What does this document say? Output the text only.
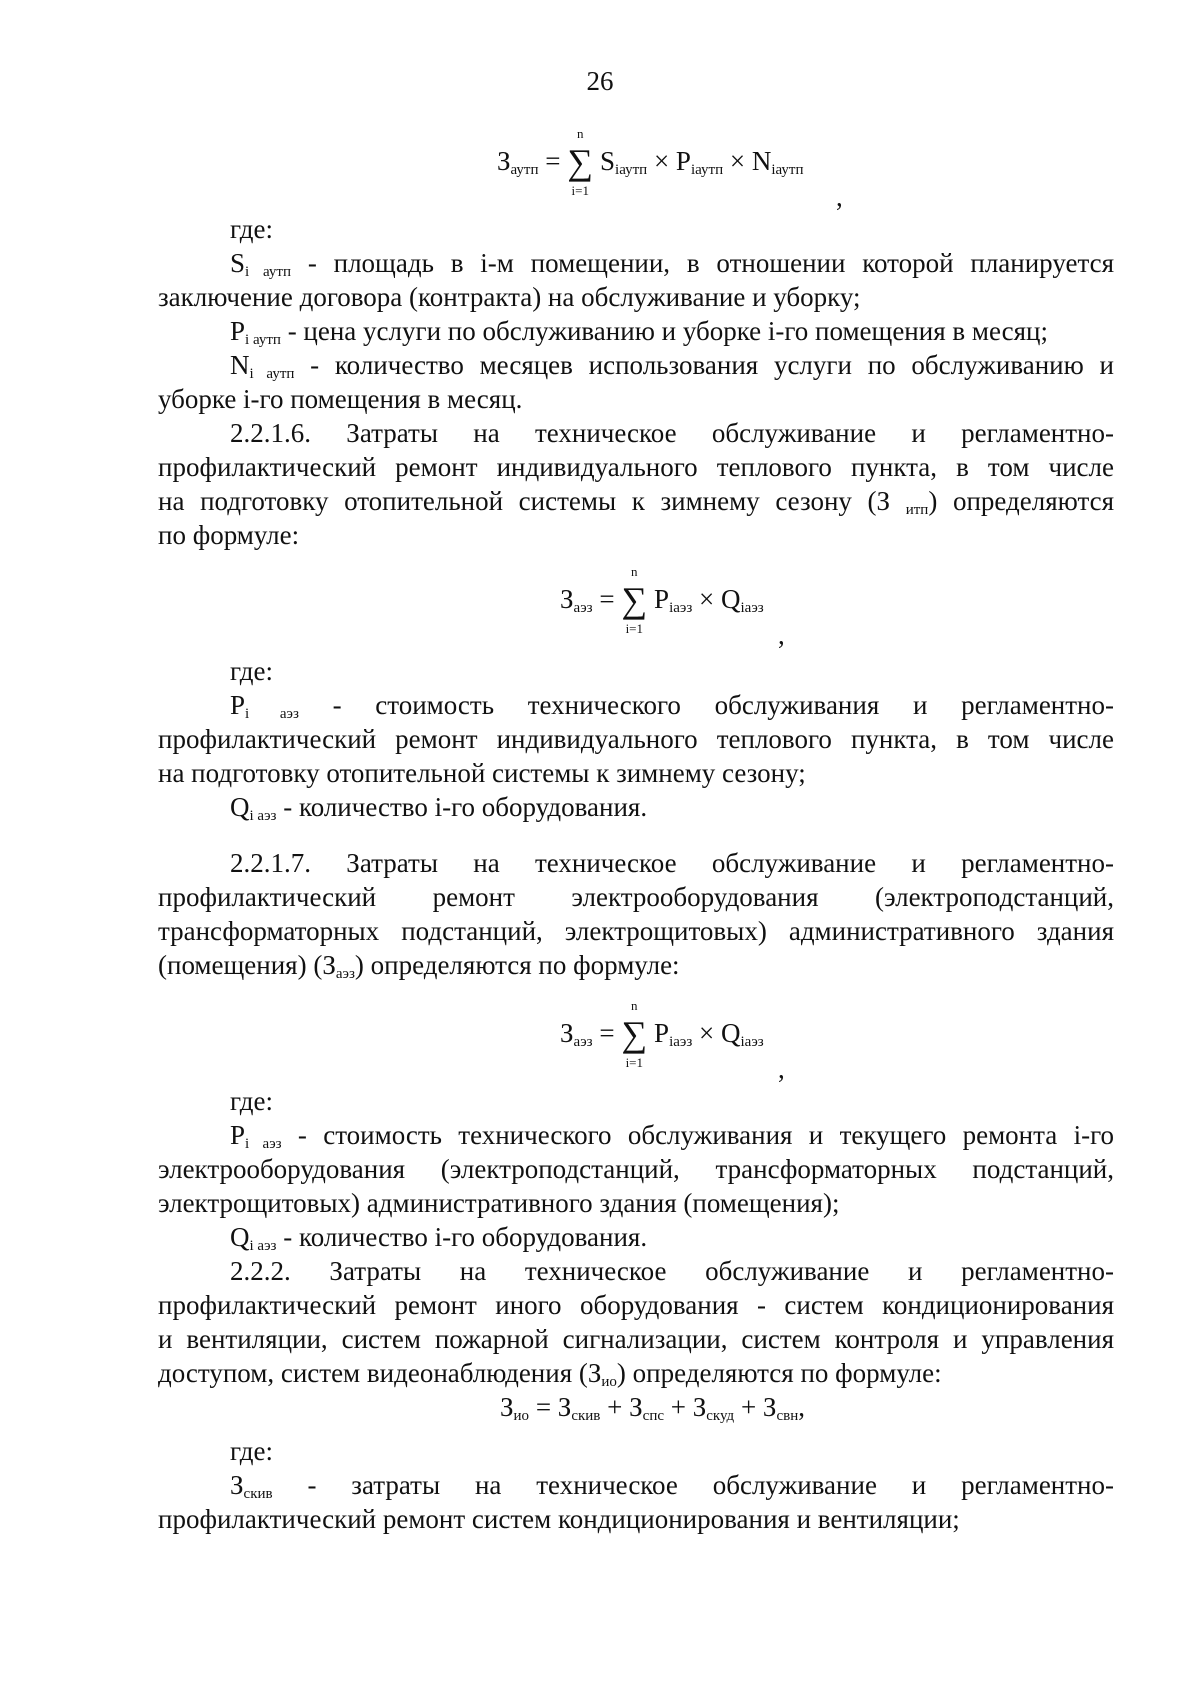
26
$З_{аутп}$ = ∑
n
i=1
$S_{iаутп} \times P_{iаутп} \times N_{iаутп}$
,
где:
Si аутп - площадь в i-м помещении, в отношении которой планируется
заключение договора (контракта) на обслуживание и уборку;
Pi аутп - цена услуги по обслуживанию и уборке i-го помещения в месяц;
Ni аутп - количество месяцев использования услуги по обслуживанию и
уборке i-го помещения в месяц.
2.2.1.6. Затраты на техническое обслуживание и регламентно-
профилактический ремонт индивидуального теплового пункта, в том числе
на подготовку отопительной системы к зимнему сезону (З итп) определяются
по формуле:
$З_{аэз}$ = ∑
n
i=1
$P_{iаэз} \times Q_{iаэз}$
,
где:
Pi аэз - стоимость технического обслуживания и регламентно-
профилактический ремонт индивидуального теплового пункта, в том числе
на подготовку отопительной системы к зимнему сезону;
Qi аэз - количество i-го оборудования.
2.2.1.7. Затраты на техническое обслуживание и регламентно-
профилактический ремонт электрооборудования (электроподстанций,
трансформаторных подстанций, электрощитовых) административного здания
(помещения) (Заэз) определяются по формуле:
$З_{аэз}$ = ∑
n
i=1
$P_{iаэз} \times Q_{iаэз}$
,
где:
Pi аэз - стоимость технического обслуживания и текущего ремонта i-го
электрооборудования (электроподстанций, трансформаторных подстанций,
электрощитовых) административного здания (помещения);
Qi аэз - количество i-го оборудования.
2.2.2. Затраты на техническое обслуживание и регламентно-
профилактический ремонт иного оборудования - систем кондиционирования
и вентиляции, систем пожарной сигнализации, систем контроля и управления
доступом, систем видеонаблюдения (Зио) определяются по формуле:
$З_{ио} = З_{скив} + З_{спс} + З_{скуд} + З_{свн}$,
где:
Зскив - затраты на техническое обслуживание и регламентно-
профилактический ремонт систем кондиционирования и вентиляции;
